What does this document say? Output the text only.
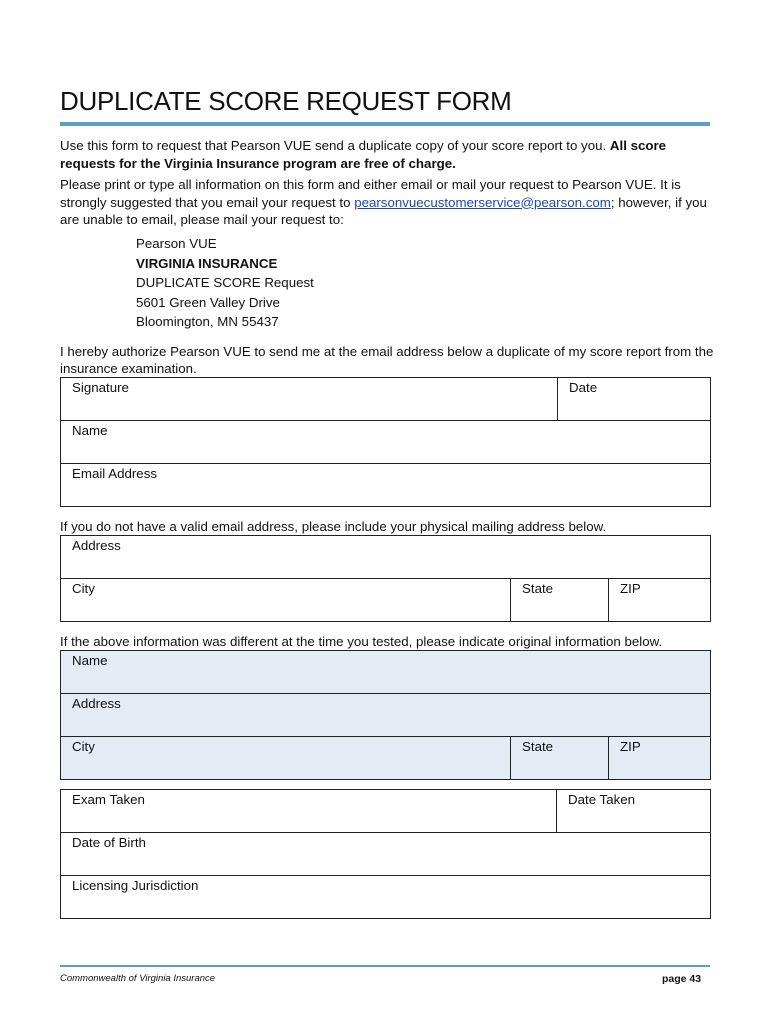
DUPLICATE SCORE REQUEST FORM

Use this form to request that Pearson VUE send a duplicate copy of your score report to you. All score requests for the Virginia Insurance program are free of charge.

Please print or type all information on this form and either email or mail your request to Pearson VUE. It is strongly suggested that you email your request to pearsonvuecustomerservice@pearson.com; however, if you are unable to email, please mail your request to:

Pearson VUE
VIRGINIA INSURANCE
DUPLICATE SCORE Request
5601 Green Valley Drive
Bloomington, MN 55437

I hereby authorize Pearson VUE to send me at the email address below a duplicate of my score report from the insurance examination.

Signature	Date

Name

Email Address

If you do not have a valid email address, please include your physical mailing address below.

Address

City	State	ZIP

If the above information was different at the time you tested, please indicate original information below.

Name

Address

City	State	ZIP
Exam Taken	Date Taken

Date of Birth

Licensing Jurisdiction
Commonwealth of Virginia Insurance	page 43
